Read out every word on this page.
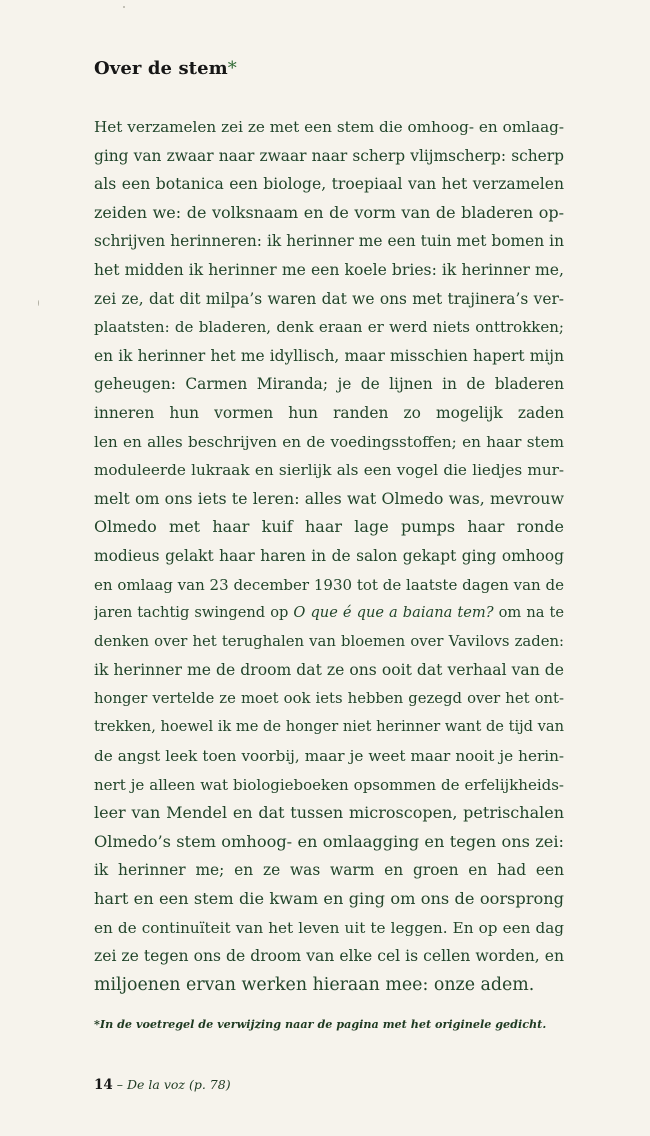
Over de stem*
Het verzamelen zei ze met een stem die omhoog- en omlaag-
ging van zwaar naar zwaar naar scherp vlijmscherp: scherp
als een botanica een biologe, troepiaal van het verzamelen
zeiden we: de volksnaam en de vorm van de bladeren op-
schrijven herinneren: ik herinner me een tuin met bomen in
het midden ik herinner me een koele bries: ik herinner me,
zei ze, dat dit milpa’s waren dat we ons met trajinera’s ver-
plaatsten: de bladeren, denk eraan er werd niets onttrokken;
en ik herinner het me idyllisch, maar misschien hapert mijn
geheugen: Carmen Miranda; je de lijnen in de bladeren
inneren hun vormen hun randen zo mogelijk zaden
len en alles beschrijven en de voedingsstoffen; en haar stem
moduleerde lukraak en sierlijk als een vogel die liedjes mur-
melt om ons iets te leren: alles wat Olmedo was, mevrouw
Olmedo met haar kuif haar lage pumps haar ronde
modieus gelakt haar haren in de salon gekapt ging omhoog
en omlaag van 23 december 1930 tot de laatste dagen van de
jaren tachtig swingend op O que é que a baiana tem? om na te
denken over het terughalen van bloemen over Vavilovs zaden:
ik herinner me de droom dat ze ons ooit dat verhaal van de
honger vertelde ze moet ook iets hebben gezegd over het ont-
trekken, hoewel ik me de honger niet herinner want de tijd van
de angst leek toen voorbij, maar je weet maar nooit je herin-
nert je alleen wat biologieboeken opsommen de erfelijkheids-
leer van Mendel en dat tussen microscopen, petrischalen
Olmedo’s stem omhoog- en omlaagging en tegen ons zei:
ik herinner me; en ze was warm en groen en had een
hart en een stem die kwam en ging om ons de oorsprong
en de continuïteit van het leven uit te leggen. En op een dag
zei ze tegen ons de droom van elke cel is cellen worden, en
miljoenen ervan werken hieraan mee: onze adem.
*In de voetregel de verwijzing naar de pagina met het originele gedicht.
14 – De la voz (p. 78)
